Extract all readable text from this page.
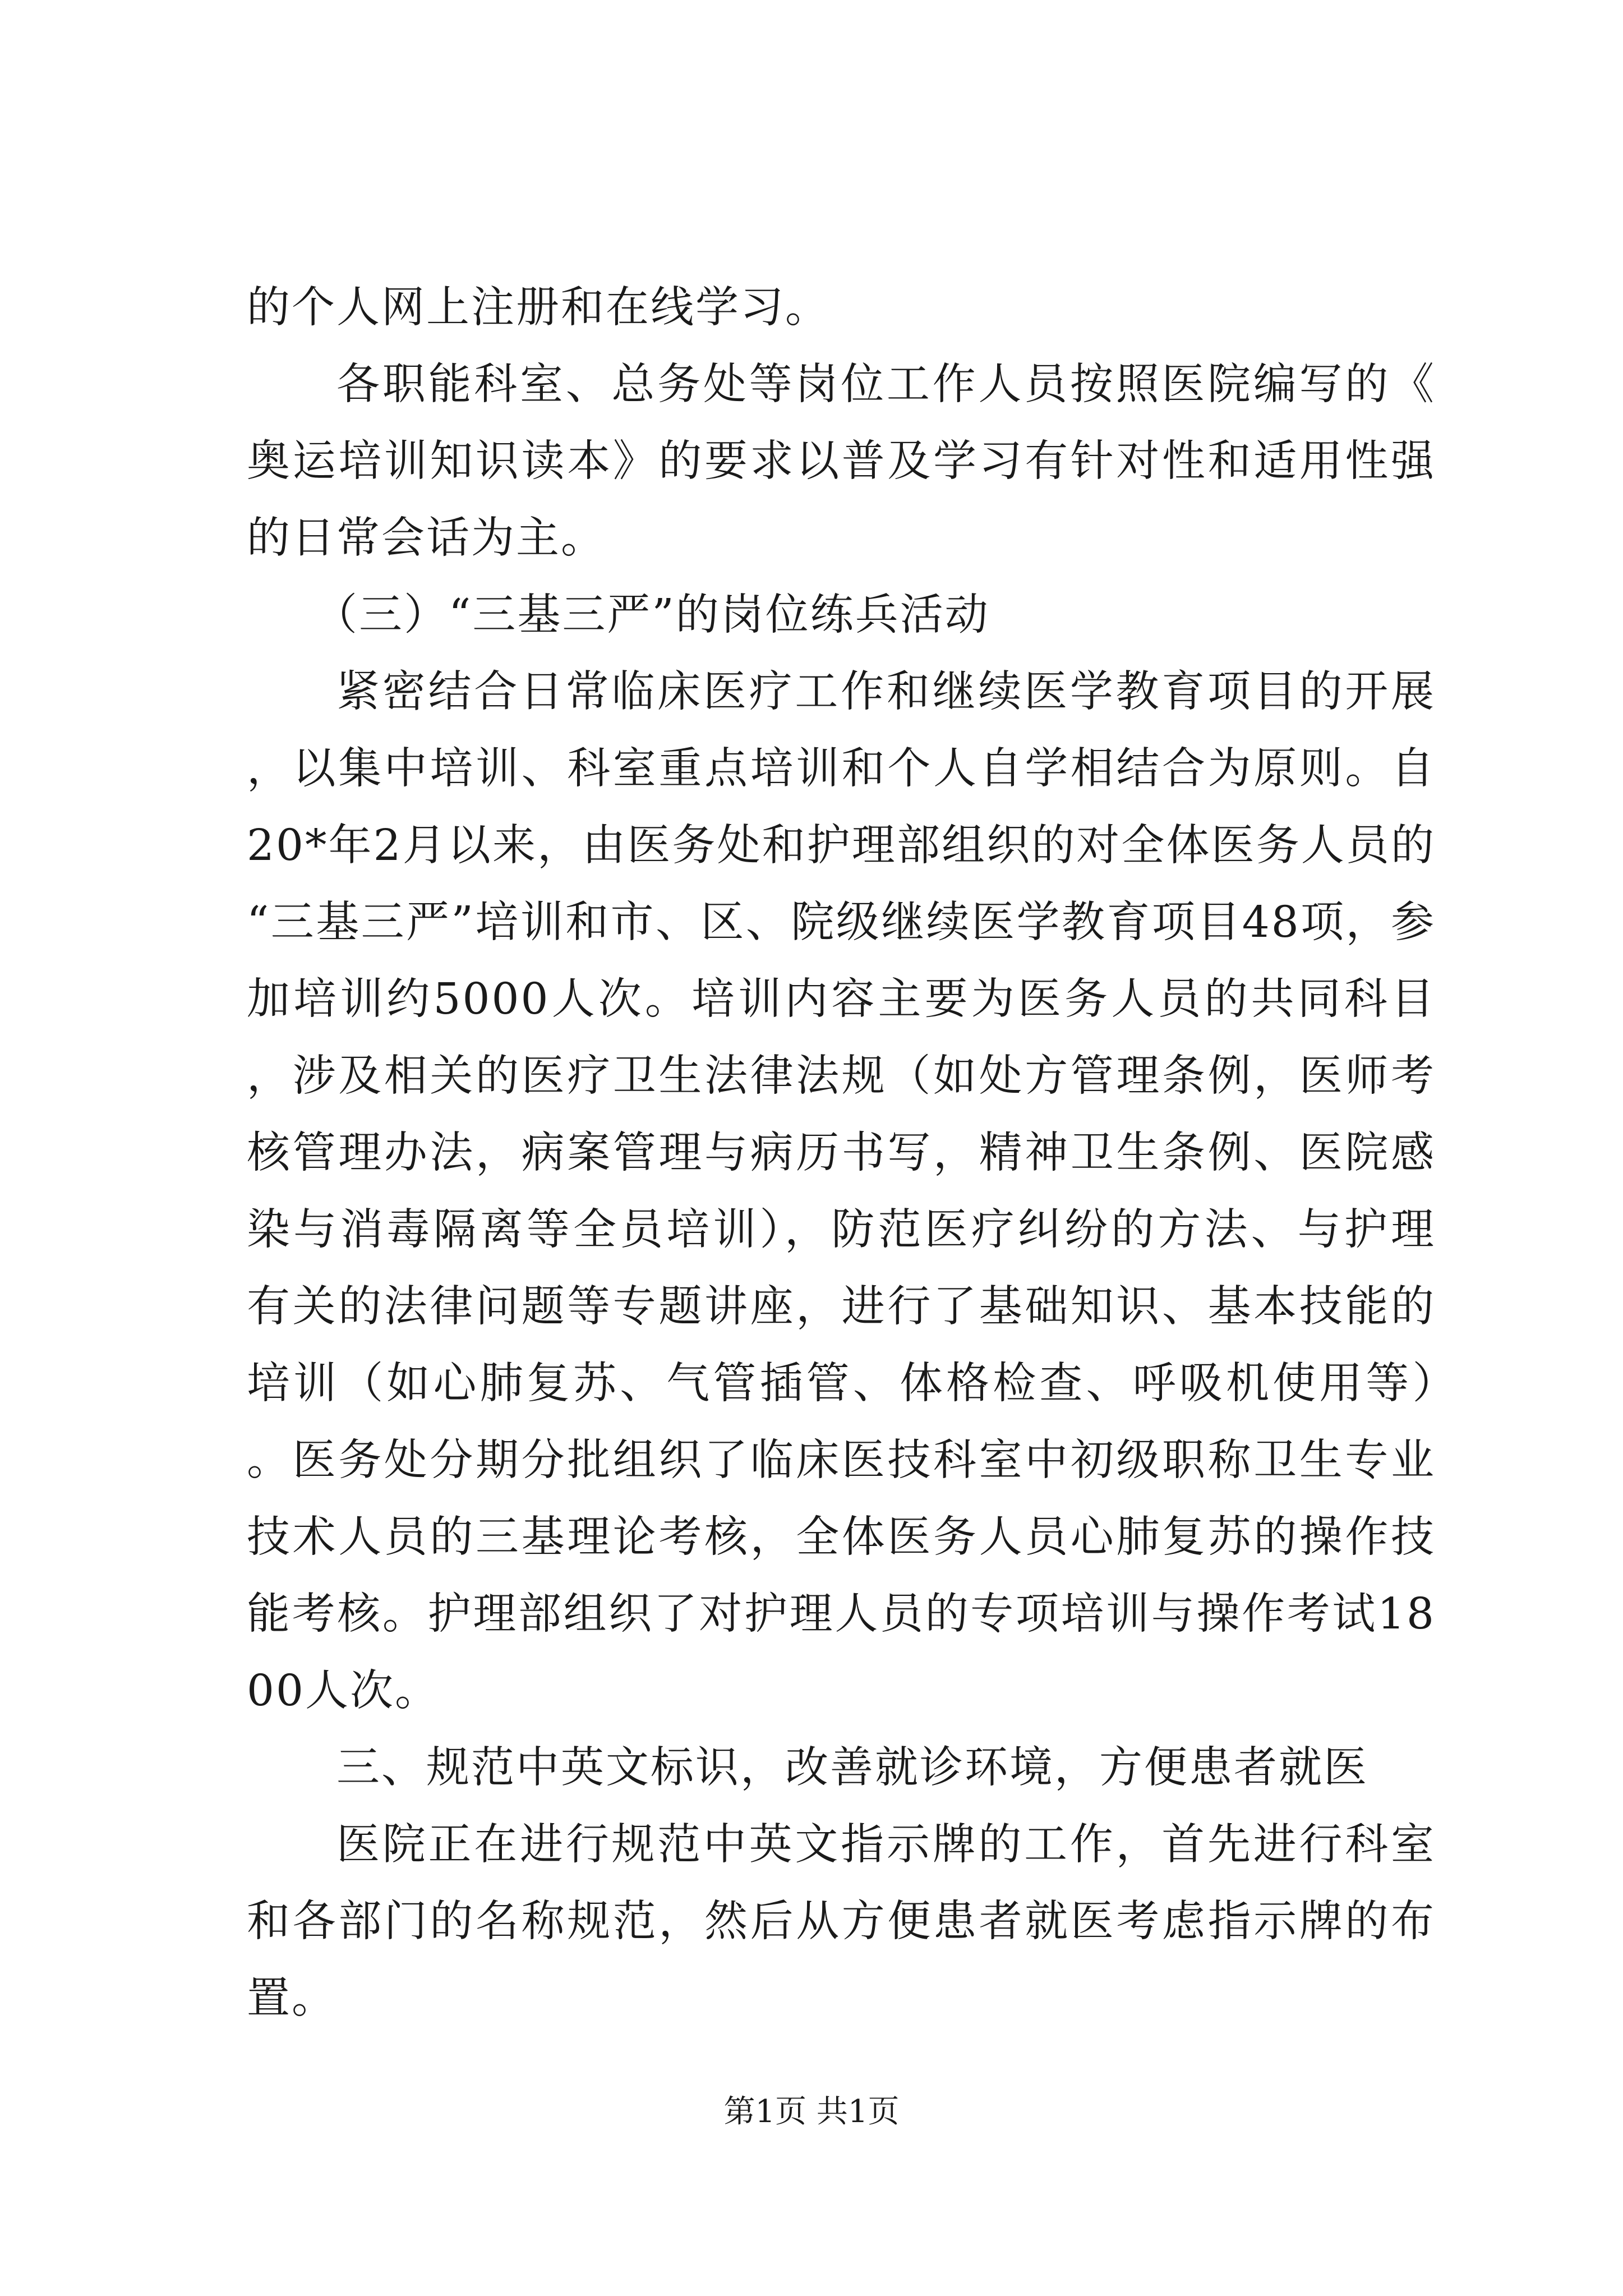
的个人网上注册和在线学习。

各职能科室、总务处等岗位工作人员按照医院编写的《奥运培训知识读本》的要求以普及学习有针对性和适用性强的日常会话为主。

（三）“三基三严”的岗位练兵活动

紧密结合日常临床医疗工作和继续医学教育项目的开展，以集中培训、科室重点培训和个人自学相结合为原则。自20*年2月以来，由医务处和护理部组织的对全体医务人员的“三基三严”培训和市、区、院级继续医学教育项目48项，参加培训约5000人次。培训内容主要为医务人员的共同科目，涉及相关的医疗卫生法律法规（如处方管理条例，医师考核管理办法，病案管理与病历书写，精神卫生条例、医院感染与消毒隔离等全员培训），防范医疗纠纷的方法、与护理有关的法律问题等专题讲座，进行了基础知识、基本技能的培训（如心肺复苏、气管插管、体格检查、呼吸机使用等）。医务处分期分批组织了临床医技科室中初级职称卫生专业技术人员的三基理论考核，全体医务人员心肺复苏的操作技能考核。护理部组织了对护理人员的专项培训与操作考试1800人次。

三、规范中英文标识，改善就诊环境，方便患者就医

医院正在进行规范中英文指示牌的工作，首先进行科室和各部门的名称规范，然后从方便患者就医考虑指示牌的布置。

第1页 共1页
